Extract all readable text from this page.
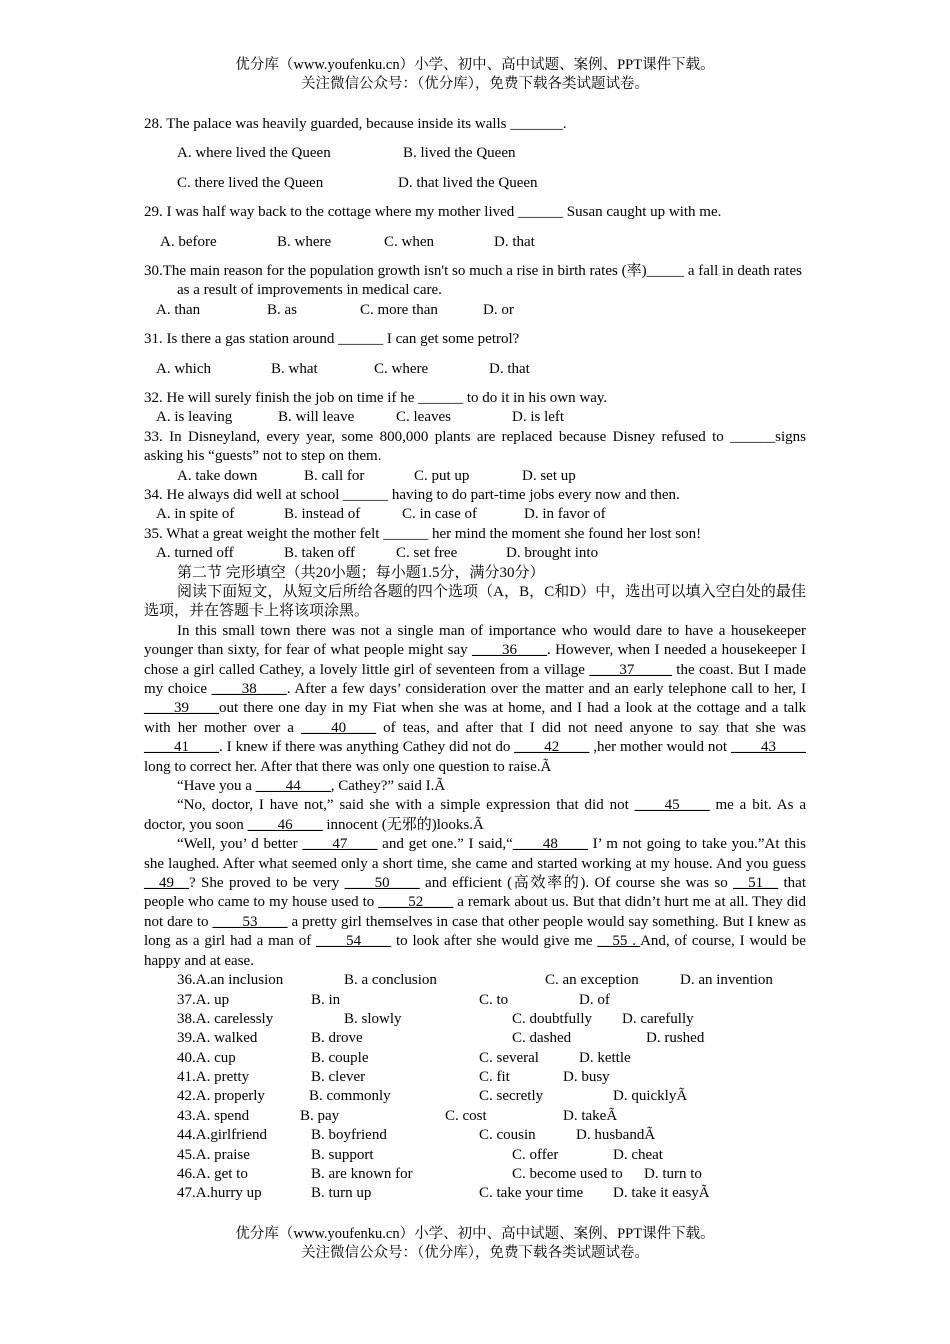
优分库（www.youfenku.cn）小学、初中、高中试题、案例、PPT课件下载。
关注微信公众号：（优分库），免费下载各类试题试卷。

28. The palace was heavily guarded, because inside its walls _______.

A. where lived the Queen	B. lived the Queen
C. there lived the Queen	D. that lived the Queen

29. I was half way back to the cottage where my mother lived ______ Susan caught up with me.

A. before	B. where	C. when	D. that

30.The main reason for the population growth isn't so much a rise in birth rates (率)_____ a fall in death rates as a result of improvements in medical care.

A. than	B. as	C. more than	D. or

31. Is there a gas station around ______ I can get some petrol?

A. which	B. what	C. where	D. that

32. He will surely finish the job on time if he ______ to do it in his own way.

A. is leaving	B. will leave	C. leaves	D. is left

33. In Disneyland, every year, some 800,000 plants are replaced because Disney refused to ______signs asking his “guests” not to step on them.

A. take down	B. call for	C. put up	D. set up

34. He always did well at school ______ having to do part-time jobs every now and then.

A. in spite of	B. instead of	C. in case of	D. in favor of

35. What a great weight the mother felt ______ her mind the moment she found her lost son!

A. turned off	B. taken off	C. set free	D. brought into

第二节 完形填空（共20小题；每小题1.5分，满分30分）

阅读下面短文，从短文后所给各题的四个选项（A，B，C和D）中，选出可以填入空白处的最佳选项，并在答题卡上将该项涂黑。

In this small town there was not a single man of importance who would dare to have a housekeeper younger than sixty, for fear of what people might say ____36____. However, when I needed a housekeeper I chose a girl called Cathey, a lovely little girl of seventeen from a village ____37_____ the coast. But I made my choice ____38____. After a few days’ consideration over the matter and an early telephone call to her, I ____39____out there one day in my Fiat when she was at home, and I had a look at the cottage and a talk with her mother over a ____40____ of teas, and after that I did not need anyone to say that she was ____41____. I knew if there was anything Cathey did not do ____42____ ,her mother would not ____43____ long to correct her. After that there was only one question to raise.Ã

“Have you a ____44____, Cathey?” said I.Ã

“No, doctor, I have not,” said she with a simple expression that did not ____45____ me a bit. As a doctor, you soon ____46____ innocent (无邪的)looks.Ã

“Well, you’ d better ____47____ and get one.” I said,“____48____ I’ m not going to take you.”At this she laughed. After what seemed only a short time, she came and started working at my house. And you guess __49__? She proved to be very ____50____ and efficient (高效率的). Of course she was so __51__ that people who came to my house used to ____52____ a remark about us. But that didn’t hurt me at all. They did not dare to ____53____ a pretty girl themselves in case that other people would say something. But I knew as long as a girl had a man of ____54____ to look after she would give me __55 . And, of course, I would be happy and at ease.

36.A.an inclusion	B. a conclusion	C. an exception	D. an invention
37.A. up	B. in	C. to	D. of
38.A. carelessly	B. slowly	C. doubtfully D. carefully
39.A. walked	B. drove	C. dashed	D. rushed
40.A. cup	B. couple	C. several	D. kettle
41.A. pretty	B. clever	C. fit	D. busy
42.A. properly	B. commonly	C. secretly	D. quicklyÃ
43.A. spend	B. pay	C. cost	D. takeÃ
44.A.girlfriend	B. boyfriend	C. cousin	D. husbandÃ
45.A. praise	B. support	C. offer	D. cheat
46.A. get to	B. are known for	C. become used to D. turn to
47.A.hurry up	B. turn up	C. take your time D. take it easyÃ
优分库（www.youfenku.cn）小学、初中、高中试题、案例、PPT课件下载。
关注微信公众号：（优分库），免费下载各类试题试卷。
